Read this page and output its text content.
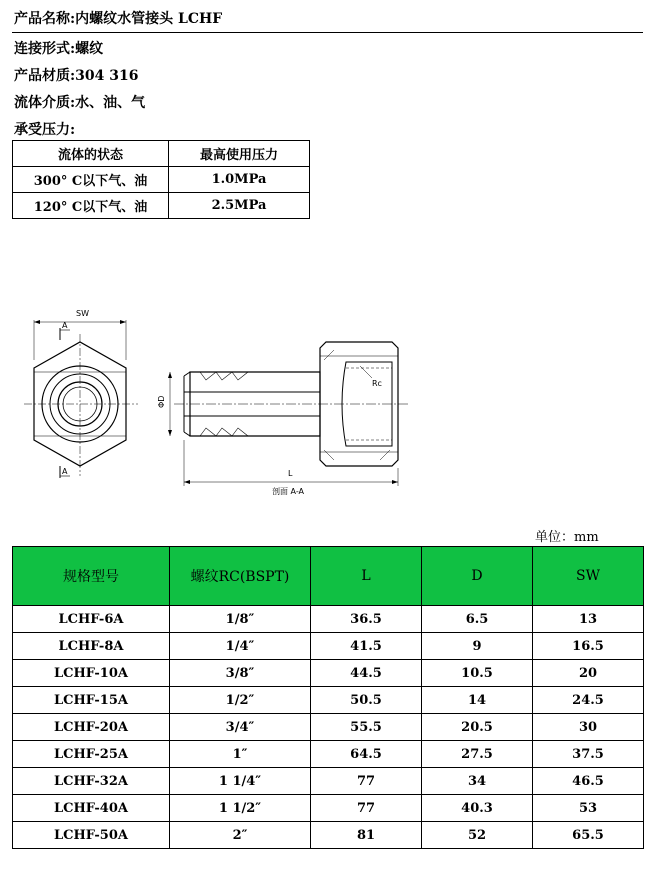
产品名称:内螺纹水管接头 LCHF
连接形式:螺纹
产品材质:304 316
流体介质:水、油、气
承受压力:
流体的状态	最高使用压力
300° C以下气、油	1.0MPa
120° C以下气、油	2.5MPa
SW
A
A
Rc
ΦD
L
剖面 A-A
单位：mm
规格型号	螺纹RC(BSPT)	L	D	SW
LCHF-6A	1/8″	36.5	6.5	13
LCHF-8A	1/4″	41.5	9	16.5
LCHF-10A	3/8″	44.5	10.5	20
LCHF-15A	1/2″	50.5	14	24.5
LCHF-20A	3/4″	55.5	20.5	30
LCHF-25A	1″	64.5	27.5	37.5
LCHF-32A	1 1/4″	77	34	46.5
LCHF-40A	1 1/2″	77	40.3	53
LCHF-50A	2″	81	52	65.5
